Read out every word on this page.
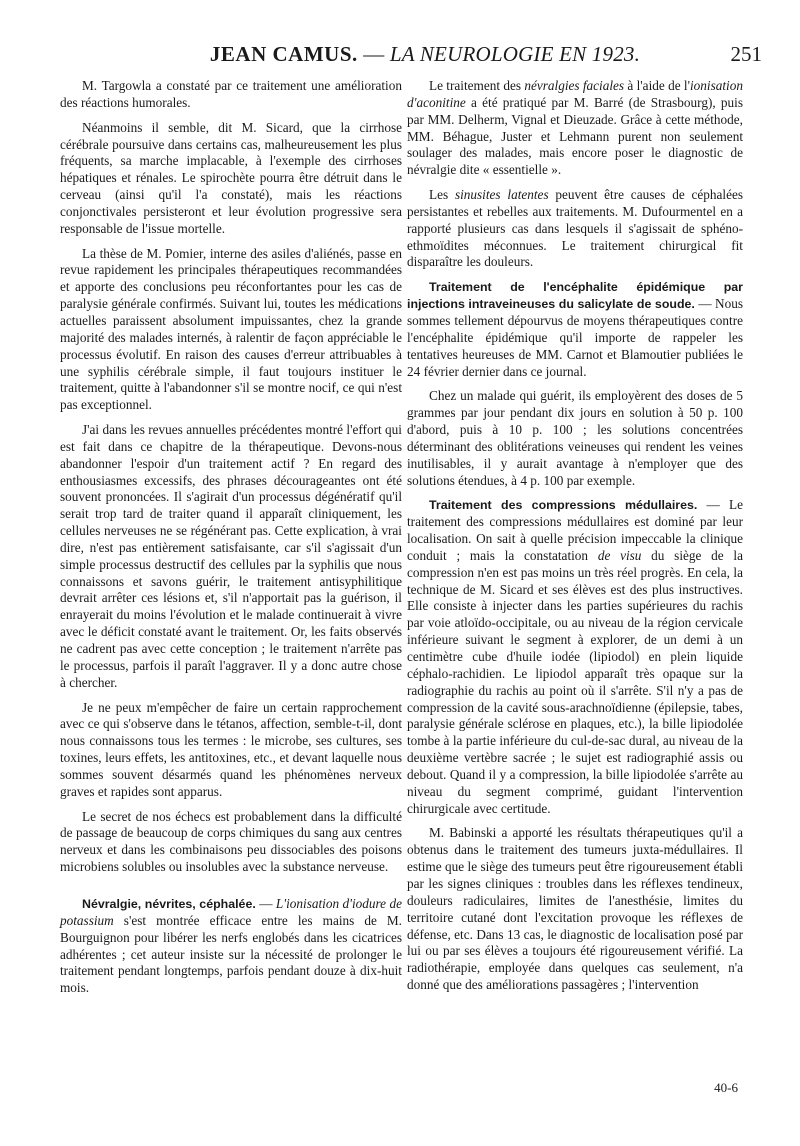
JEAN CAMUS. — LA NEUROLOGIE EN 1923.	251

M. Targowla a constaté par ce traitement une amélioration des réactions humorales.

Néanmoins il semble, dit M. Sicard, que la cirrhose cérébrale poursuive dans certains cas, malheureusement les plus fréquents, sa marche implacable, à l'exemple des cirrhoses hépatiques et rénales. Le spirochète pourra être détruit dans le cerveau (ainsi qu'il l'a constaté), mais les réactions conjonctivales persisteront et leur évolution progressive sera responsable de l'issue mortelle.

La thèse de M. Pomier, interne des asiles d'aliénés, passe en revue rapidement les principales thérapeutiques recommandées et apporte des conclusions peu réconfortantes pour les cas de paralysie générale confirmés. Suivant lui, toutes les médications actuelles paraissent absolument impuissantes, chez la grande majorité des malades internés, à ralentir de façon appréciable le processus évolutif. En raison des causes d'erreur attribuables à une syphilis cérébrale simple, il faut toujours instituer le traitement, quitte à l'abandonner s'il se montre nocif, ce qui n'est pas exceptionnel.

J'ai dans les revues annuelles précédentes montré l'effort qui est fait dans ce chapitre de la thérapeutique. Devons-nous abandonner l'espoir d'un traitement actif ? En regard des enthousiasmes excessifs, des phrases décourageantes ont été souvent prononcées. Il s'agirait d'un processus dégénératif qu'il serait trop tard de traiter quand il apparaît cliniquement, les cellules nerveuses ne se régénérant pas. Cette explication, à vrai dire, n'est pas entièrement satisfaisante, car s'il s'agissait d'un simple processus destructif des cellules par la syphilis que nous connaissons et savons guérir, le traitement antisyphilitique devrait arrêter ces lésions et, s'il n'apportait pas la guérison, il enrayerait du moins l'évolution et le malade continuerait à vivre avec le déficit constaté avant le traitement. Or, les faits observés ne cadrent pas avec cette conception ; le traitement n'arrête pas le processus, parfois il paraît l'aggraver. Il y a donc autre chose à chercher.

Je ne peux m'empêcher de faire un certain rapprochement avec ce qui s'observe dans le tétanos, affection, semble-t-il, dont nous connaissons tous les termes : le microbe, ses cultures, ses toxines, leurs effets, les antitoxines, etc., et devant laquelle nous sommes souvent désarmés quand les phénomènes nerveux graves et rapides sont apparus.

Le secret de nos échecs est probablement dans la difficulté de passage de beaucoup de corps chimiques du sang aux centres nerveux et dans les combinaisons peu dissociables des poisons microbiens solubles ou insolubles avec la substance nerveuse.

Névralgie, névrites, céphalée. — L'ionisation d'iodure de potassium s'est montrée efficace entre les mains de M. Bourguignon pour libérer les nerfs englobés dans les cicatrices adhérentes ; cet auteur insiste sur la nécessité de prolonger le traitement pendant longtemps, parfois pendant douze à dix-huit mois.

Le traitement des névralgies faciales à l'aide de l'ionisation d'aconitine a été pratiqué par M. Barré (de Strasbourg), puis par MM. Delherm, Vignal et Dieuzade. Grâce à cette méthode, MM. Béhague, Juster et Lehmann purent non seulement soulager des malades, mais encore poser le diagnostic de névralgie dite « essentielle ».

Les sinusites latentes peuvent être causes de céphalées persistantes et rebelles aux traitements. M. Dufourmentel en a rapporté plusieurs cas dans lesquels il s'agissait de sphéno-ethmoïdites méconnues. Le traitement chirurgical fit disparaître les douleurs.

Traitement de l'encéphalite épidémique par injections intraveineuses du salicylate de soude. — Nous sommes tellement dépourvus de moyens thérapeutiques contre l'encéphalite épidémique qu'il importe de rappeler les tentatives heureuses de MM. Carnot et Blamoutier publiées le 24 février dernier dans ce journal.

Chez un malade qui guérit, ils employèrent des doses de 5 grammes par jour pendant dix jours en solution à 50 p. 100 d'abord, puis à 10 p. 100 ; les solutions concentrées déterminant des oblitérations veineuses qui rendent les veines inutilisables, il y aurait avantage à n'employer que des solutions étendues, à 4 p. 100 par exemple.

Traitement des compressions médullaires. — Le traitement des compressions médullaires est dominé par leur localisation. On sait à quelle précision impeccable la clinique conduit ; mais la constatation de visu du siège de la compression n'en est pas moins un très réel progrès. En cela, la technique de M. Sicard et ses élèves est des plus instructives. Elle consiste à injecter dans les parties supérieures du rachis par voie atloïdo-occipitale, ou au niveau de la région cervicale inférieure suivant le segment à explorer, de un demi à un centimètre cube d'huile iodée (lipiodol) en plein liquide céphalo-rachidien. Le lipiodol apparaît très opaque sur la radiographie du rachis au point où il s'arrête. S'il n'y a pas de compression de la cavité sous-arachnoïdienne (épilepsie, tabes, paralysie générale sclérose en plaques, etc.), la bille lipiodolée tombe à la partie inférieure du cul-de-sac dural, au niveau de la deuxième vertèbre sacrée ; le sujet est radiographié assis ou debout. Quand il y a compression, la bille lipiodolée s'arrête au niveau du segment comprimé, guidant l'intervention chirurgicale avec certitude.

M. Babinski a apporté les résultats thérapeutiques qu'il a obtenus dans le traitement des tumeurs juxta-médullaires. Il estime que le siège des tumeurs peut être rigoureusement établi par les signes cliniques : troubles dans les réflexes tendineux, douleurs radiculaires, limites de l'anesthésie, limites du territoire cutané dont l'excitation provoque les réflexes de défense, etc. Dans 13 cas, le diagnostic de localisation posé par lui ou par ses élèves a toujours été rigoureusement vérifié. La radiothérapie, employée dans quelques cas seulement, n'a donné que des améliorations passagères ; l'intervention

40-6
